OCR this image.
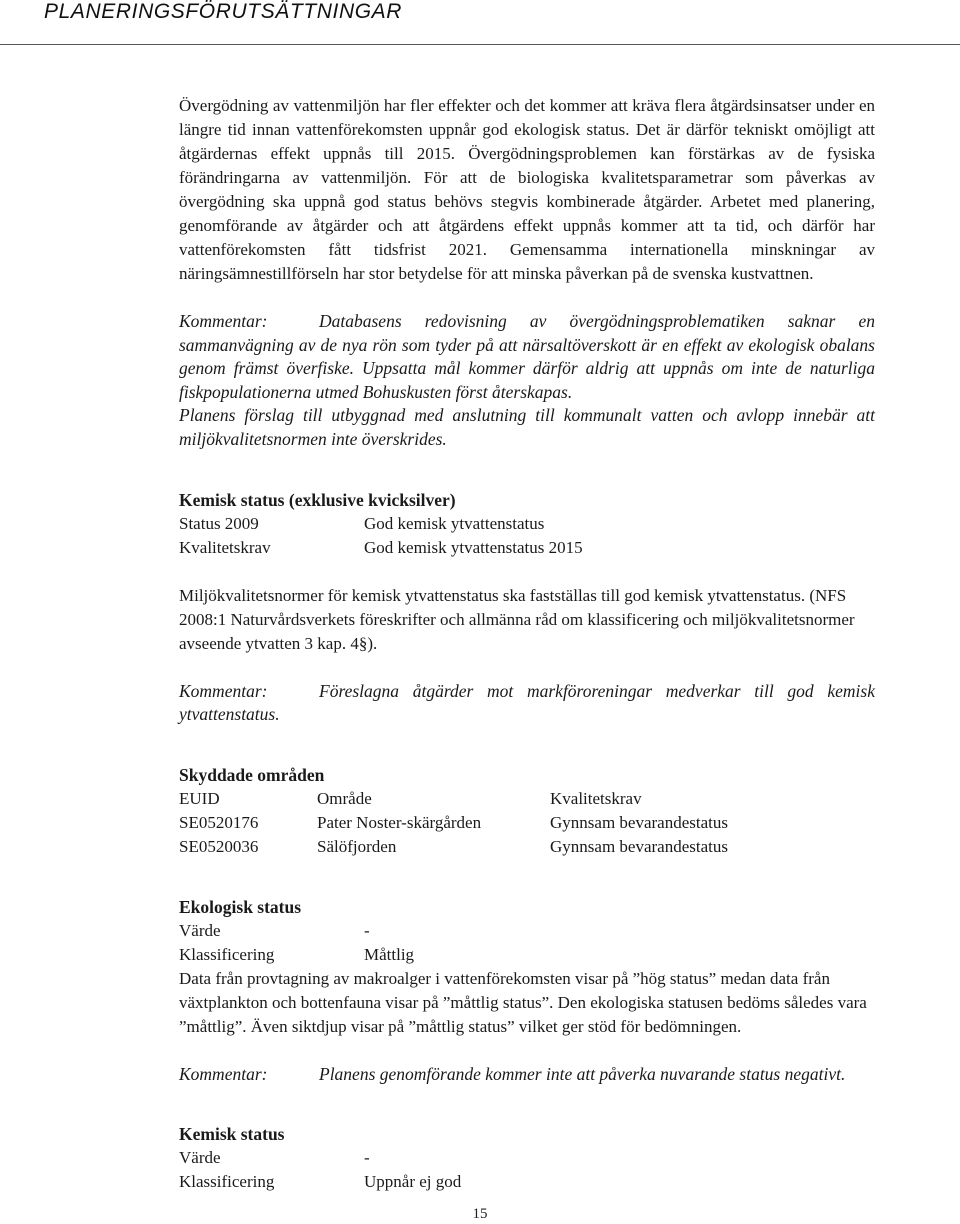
PLANERINGSFÖRUTSÄTTNINGAR

Övergödning av vattenmiljön har fler effekter och det kommer att kräva flera åtgärdsinsatser under en längre tid innan vattenförekomsten uppnår god ekologisk status. Det är därför tekniskt omöjligt att åtgärdernas effekt uppnås till 2015. Övergödningsproblemen kan förstärkas av de fysiska förändringarna av vattenmiljön. För att de biologiska kvalitetsparametrar som påverkas av övergödning ska uppnå god status behövs stegvis kombinerade åtgärder. Arbetet med planering, genomförande av åtgärder och att åtgärdens effekt uppnås kommer att ta tid, och därför har vattenförekomsten fått tidsfrist 2021. Gemensamma internationella minskningar av näringsämnestillförseln har stor betydelse för att minska påverkan på de svenska kustvattnen.

Kommentar:	Databasens redovisning av övergödningsproblematiken saknar en sammanvägning av de nya rön som tyder på att närsaltöverskott är en effekt av ekologisk obalans genom främst överfiske. Uppsatta mål kommer därför aldrig att uppnås om inte de naturliga fiskpopulationerna utmed Bohuskusten först återskapas.
Planens förslag till utbyggnad med anslutning till kommunalt vatten och avlopp innebär att miljökvalitetsnormen inte överskrides.
Kemisk status (exklusive kvicksilver)
Status 2009	God kemisk ytvattenstatus
Kvalitetskrav	God kemisk ytvattenstatus 2015

Miljökvalitetsnormer för kemisk ytvattenstatus ska fastställas till god kemisk ytvattenstatus. (NFS 2008:1 Naturvårdsverkets föreskrifter och allmänna råd om klassificering och miljökvalitetsnormer avseende ytvatten 3 kap. 4§).

Kommentar:	Föreslagna åtgärder mot markföroreningar medverkar till god kemisk ytvattenstatus.
Skyddade områden
EUID	Område	Kvalitetskrav
SE0520176	Pater Noster-skärgården	Gynnsam bevarandestatus
SE0520036	Sälöfjorden	Gynnsam bevarandestatus
Ekologisk status
Värde	-
Klassificering	Måttlig

Data från provtagning av makroalger i vattenförekomsten visar på ”hög status” medan data från växtplankton och bottenfauna visar på ”måttlig status”. Den ekologiska statusen bedöms således vara ”måttlig”. Även siktdjup visar på ”måttlig status” vilket ger stöd för bedömningen.

Kommentar:	Planens genomförande kommer inte att påverka nuvarande status negativt.
Kemisk status
Värde	-
Klassificering	Uppnår ej god
15
